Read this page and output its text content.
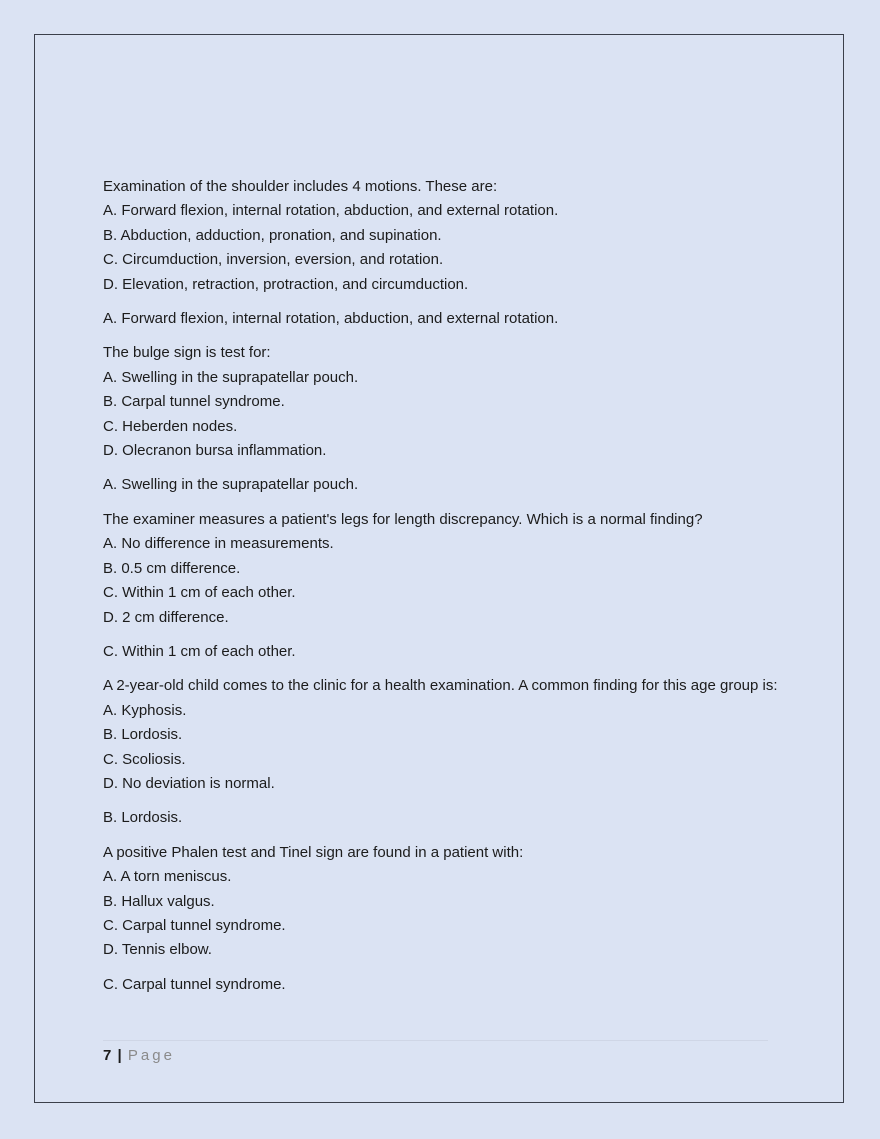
Examination of the shoulder includes 4 motions. These are:
A. Forward flexion, internal rotation, abduction, and external rotation.
B. Abduction, adduction, pronation, and supination.
C. Circumduction, inversion, eversion, and rotation.
D. Elevation, retraction, protraction, and circumduction.
A. Forward flexion, internal rotation, abduction, and external rotation.
The bulge sign is test for:
A. Swelling in the suprapatellar pouch.
B. Carpal tunnel syndrome.
C. Heberden nodes.
D. Olecranon bursa inflammation.
A. Swelling in the suprapatellar pouch.
The examiner measures a patient's legs for length discrepancy. Which is a normal finding?
A. No difference in measurements.
B. 0.5 cm difference.
C. Within 1 cm of each other.
D. 2 cm difference.
C. Within 1 cm of each other.
A 2-year-old child comes to the clinic for a health examination. A common finding for this age group is:
A. Kyphosis.
B. Lordosis.
C. Scoliosis.
D. No deviation is normal.
B. Lordosis.
A positive Phalen test and Tinel sign are found in a patient with:
A. A torn meniscus.
B. Hallux valgus.
C. Carpal tunnel syndrome.
D. Tennis elbow.
C. Carpal tunnel syndrome.
7 | Page
